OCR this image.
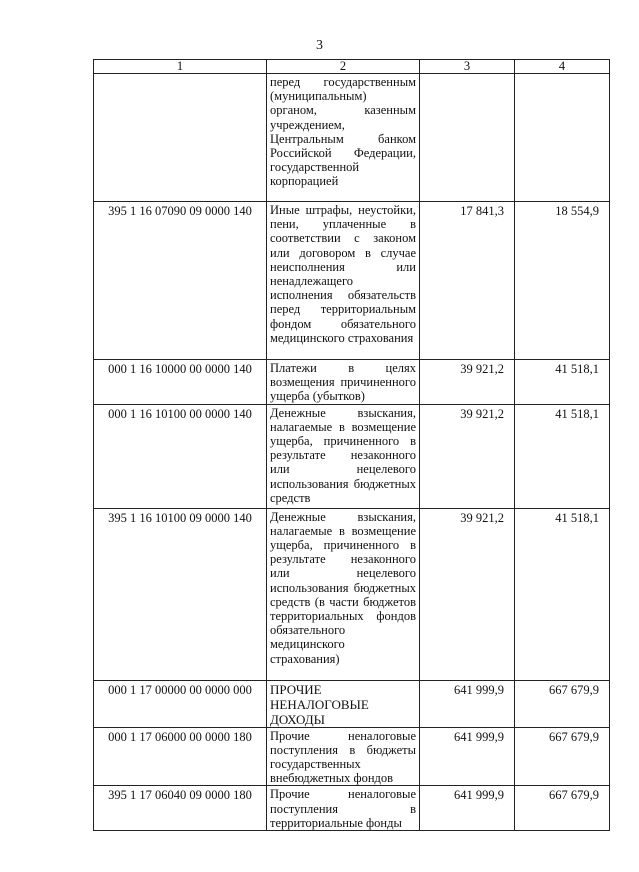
3
1	2	3	4
	перед государственным (муниципальным) органом, казенным учреждением, Центральным банком Российской Федерации, государственной корпорацией		
395 1 16 07090 09 0000 140	Иные штрафы, неустойки, пени, уплаченные в соответствии с законом или договором в случае неисполнения или ненадлежащего исполнения обязательств перед территориальным фондом обязательного медицинского страхования	17 841,3	18 554,9
000 1 16 10000 00 0000 140	Платежи в целях возмещения причиненного ущерба (убытков)	39 921,2	41 518,1
000 1 16 10100 00 0000 140	Денежные взыскания, налагаемые в возмещение ущерба, причиненного в результате незаконного или нецелевого использования бюджетных средств	39 921,2	41 518,1
395 1 16 10100 09 0000 140	Денежные взыскания, налагаемые в возмещение ущерба, причиненного в результате незаконного или нецелевого использования бюджетных средств (в части бюджетов территориальных фондов обязательного медицинского страхования)	39 921,2	41 518,1
000 1 17 00000 00 0000 000	ПРОЧИЕ НЕНАЛОГОВЫЕ ДОХОДЫ	641 999,9	667 679,9
000 1 17 06000 00 0000 180	Прочие неналоговые поступления в бюджеты государственных внебюджетных фондов	641 999,9	667 679,9
395 1 17 06040 09 0000 180	Прочие неналоговые поступления в территориальные фонды	641 999,9	667 679,9
